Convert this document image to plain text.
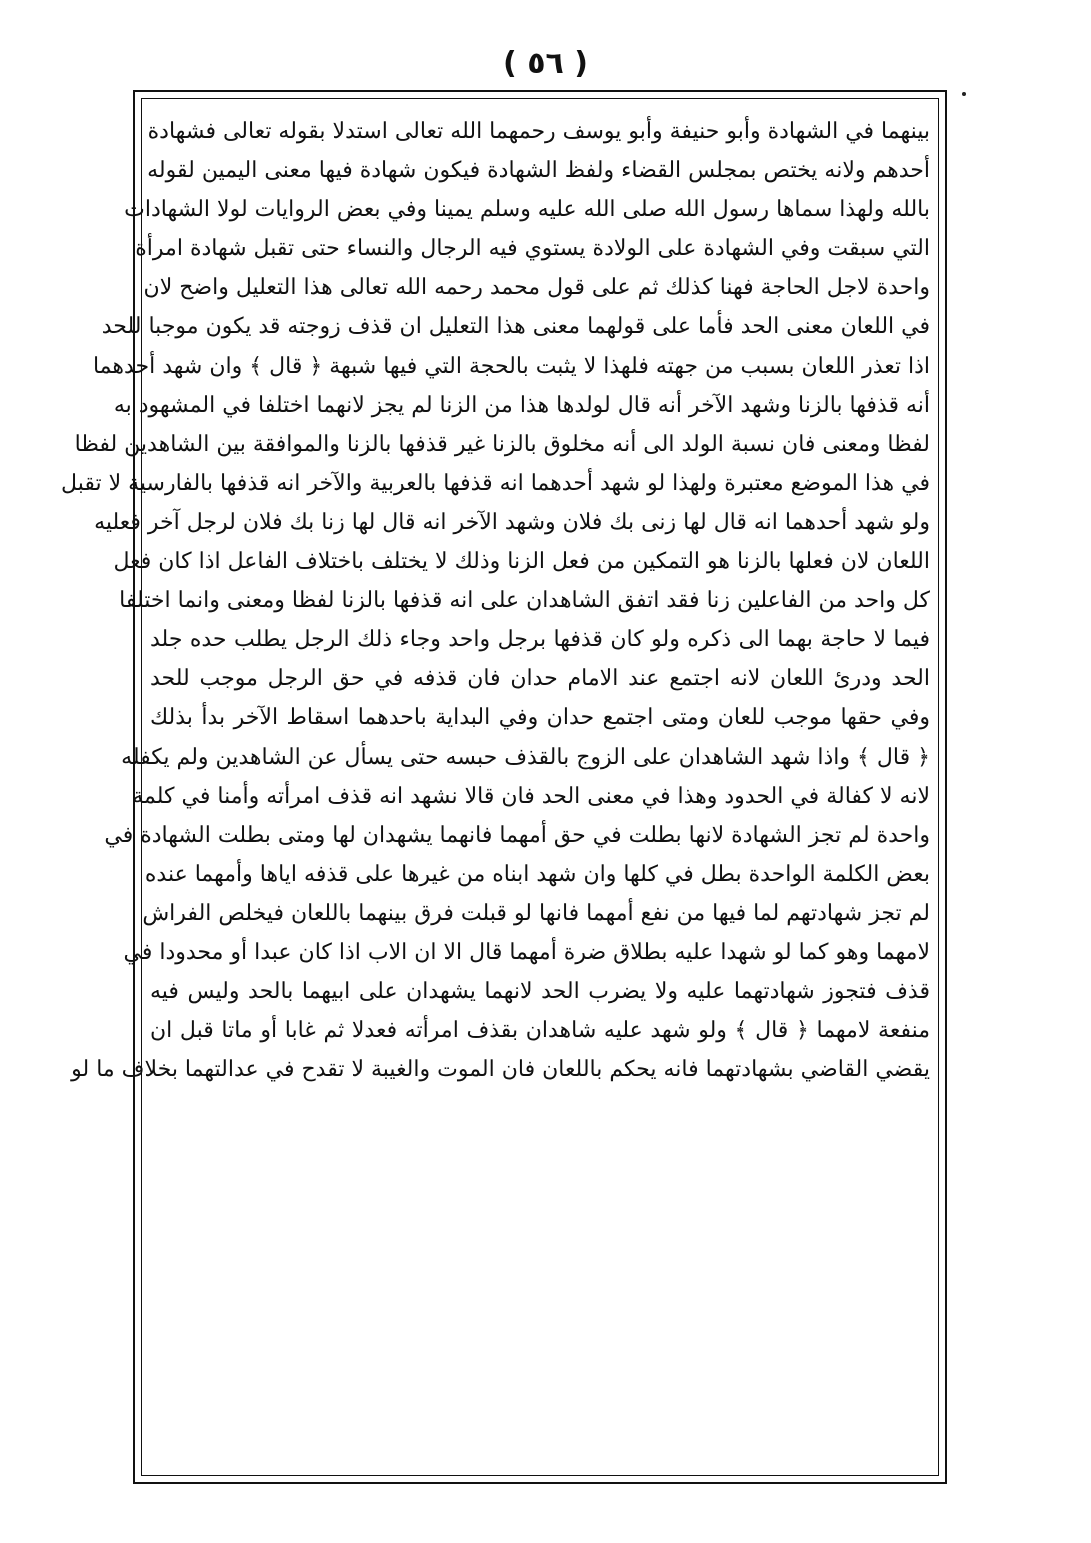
( ٥٦ )
بينهما في الشهادة وأبو حنيفة وأبو يوسف رحمهما الله تعالى استدلا بقوله تعالى فشهادة
أحدهم ولانه يختص بمجلس القضاء ولفظ الشهادة فيكون شهادة فيها معنى اليمين لقوله
بالله ولهذا سماها رسول الله صلى الله عليه وسلم يمينا وفي بعض الروايات لولا الشهادات
التي سبقت وفي الشهادة على الولادة يستوي فيه الرجال والنساء حتى تقبل شهادة امرأة
واحدة لاجل الحاجة فهنا كذلك ثم على قول محمد رحمه الله تعالى هذا التعليل واضح لان
في اللعان معنى الحد فأما على قولهما معنى هذا التعليل ان قذف زوجته قد يكون موجبا للحد
اذا تعذر اللعان بسبب من جهته فلهذا لا يثبت بالحجة التي فيها شبهة ﴿ قال ﴾ وان شهد أحدهما
أنه قذفها بالزنا وشهد الآخر أنه قال لولدها هذا من الزنا لم يجز لانهما اختلفا في المشهود به
لفظا ومعنى فان نسبة الولد الى أنه مخلوق بالزنا غير قذفها بالزنا والموافقة بين الشاهدين لفظا
في هذا الموضع معتبرة ولهذا لو شهد أحدهما انه قذفها بالعربية والآخر انه قذفها بالفارسية لا تقبل
ولو شهد أحدهما انه قال لها زنى بك فلان وشهد الآخر انه قال لها زنا بك فلان لرجل آخر فعليه
اللعان لان فعلها بالزنا هو التمكين من فعل الزنا وذلك لا يختلف باختلاف الفاعل اذا كان فعل
كل واحد من الفاعلين زنا فقد اتفق الشاهدان على انه قذفها بالزنا لفظا ومعنى وانما اختلفا
فيما لا حاجة بهما الى ذكره ولو كان قذفها برجل واحد وجاء ذلك الرجل يطلب حده جلد
الحد ودرئ اللعان لانه اجتمع عند الامام حدان فان قذفه في حق الرجل موجب للحد
وفي حقها موجب للعان ومتى اجتمع حدان وفي البداية باحدهما اسقاط الآخر بدأ بذلك
﴿ قال ﴾ واذا شهد الشاهدان على الزوج بالقذف حبسه حتى يسأل عن الشاهدين ولم يكفله
لانه لا كفالة في الحدود وهذا في معنى الحد فان قالا نشهد انه قذف امرأته وأمنا في كلمة
واحدة لم تجز الشهادة لانها بطلت في حق أمهما فانهما يشهدان لها ومتى بطلت الشهادة في
بعض الكلمة الواحدة بطل في كلها وان شهد ابناه من غيرها على قذفه اياها وأمهما عنده
لم تجز شهادتهم لما فيها من نفع أمهما فانها لو قبلت فرق بينهما باللعان فيخلص الفراش
لامهما وهو كما لو شهدا عليه بطلاق ضرة أمهما قال الا ان الاب اذا كان عبدا أو محدودا في
قذف فتجوز شهادتهما عليه ولا يضرب الحد لانهما يشهدان على ابيهما بالحد وليس فيه
منفعة لامهما ﴿ قال ﴾ ولو شهد عليه شاهدان بقذف امرأته فعدلا ثم غابا أو ماتا قبل ان
يقضي القاضي بشهادتهما فانه يحكم باللعان فان الموت والغيبة لا تقدح في عدالتهما بخلاف ما لو
